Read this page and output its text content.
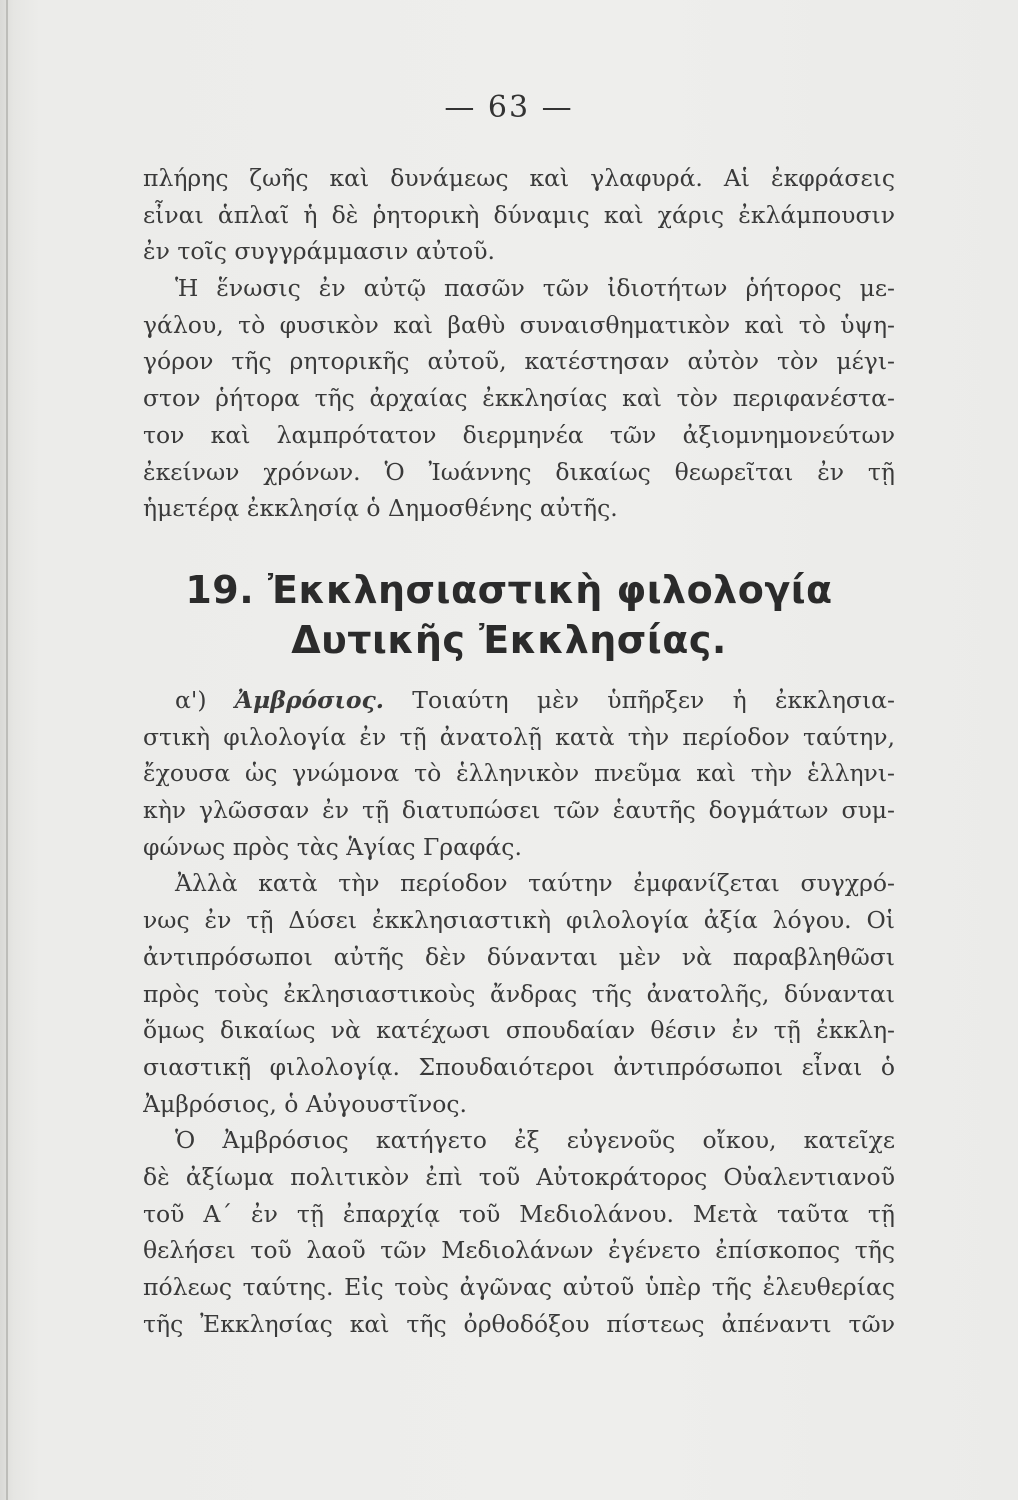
— 63 —
πλήρης ζωῆς καὶ δυνάμεως καὶ γλαφυρά. Αἱ ἐκφράσεις
εἶναι ἁπλαῖ ἡ δὲ ῥητορικὴ δύναμις καὶ χάρις ἐκλάμπουσιν
ἐν τοῖς συγγράμμασιν αὐτοῦ.
Ἡ ἕνωσις ἐν αὐτῷ πασῶν τῶν ἰδιοτήτων ῥήτορος με-
γάλου, τὸ φυσικὸν καὶ βαθὺ συναισθηματικὸν καὶ τὸ ὑψη-
γόρον τῆς ρητορικῆς αὐτοῦ, κατέστησαν αὐτὸν τὸν μέγι-
στον ῥήτορα τῆς ἀρχαίας ἐκκλησίας καὶ τὸν περιφανέστα-
τον καὶ λαμπρότατον διερμηνέα τῶν ἀξιομνημονεύτων
ἐκείνων χρόνων. Ὁ Ἰωάννης δικαίως θεωρεῖται ἐν τῇ
ἡμετέρᾳ ἐκκλησίᾳ ὁ Δημοσθένης αὐτῆς.
19. Ἐκκλησιαστικὴ φιλολογία
Δυτικῆς Ἐκκλησίας.
α') Ἀμβρόσιος. Τοιαύτη μὲν ὑπῆρξεν ἡ ἐκκλησια-
στικὴ φιλολογία ἐν τῇ ἀνατολῇ κατὰ τὴν περίοδον ταύτην,
ἔχουσα ὡς γνώμονα τὸ ἑλληνικὸν πνεῦμα καὶ τὴν ἑλληνι-
κὴν γλῶσσαν ἐν τῇ διατυπώσει τῶν ἑαυτῆς δογμάτων συμ-
φώνως πρὸς τὰς Ἁγίας Γραφάς.
Ἀλλὰ κατὰ τὴν περίοδον ταύτην ἐμφανίζεται συγχρό-
νως ἐν τῇ Δύσει ἐκκλησιαστικὴ φιλολογία ἀξία λόγου. Οἱ
ἀντιπρόσωποι αὐτῆς δὲν δύνανται μὲν νὰ παραβληθῶσι
πρὸς τοὺς ἐκλησιαστικοὺς ἄνδρας τῆς ἀνατολῆς, δύνανται
ὅμως δικαίως νὰ κατέχωσι σπουδαίαν θέσιν ἐν τῇ ἐκκλη-
σιαστικῇ φιλολογίᾳ. Σπουδαιότεροι ἀντιπρόσωποι εἶναι ὁ
Ἀμβρόσιος, ὁ Αὐγουστῖνος.
Ὁ Ἀμβρόσιος κατήγετο ἐξ εὐγενοῦς οἴκου, κατεῖχε
δὲ ἀξίωμα πολιτικὸν ἐπὶ τοῦ Αὐτοκράτορος Οὐαλεντιανοῦ
τοῦ Α΄ ἐν τῇ ἐπαρχίᾳ τοῦ Μεδιολάνου. Μετὰ ταῦτα τῇ
θελήσει τοῦ λαοῦ τῶν Μεδιολάνων ἐγένετο ἐπίσκοπος τῆς
πόλεως ταύτης. Εἰς τοὺς ἀγῶνας αὐτοῦ ὑπὲρ τῆς ἐλευθερίας
τῆς Ἐκκλησίας καὶ τῆς ὀρθοδόξου πίστεως ἀπέναντι τῶν
